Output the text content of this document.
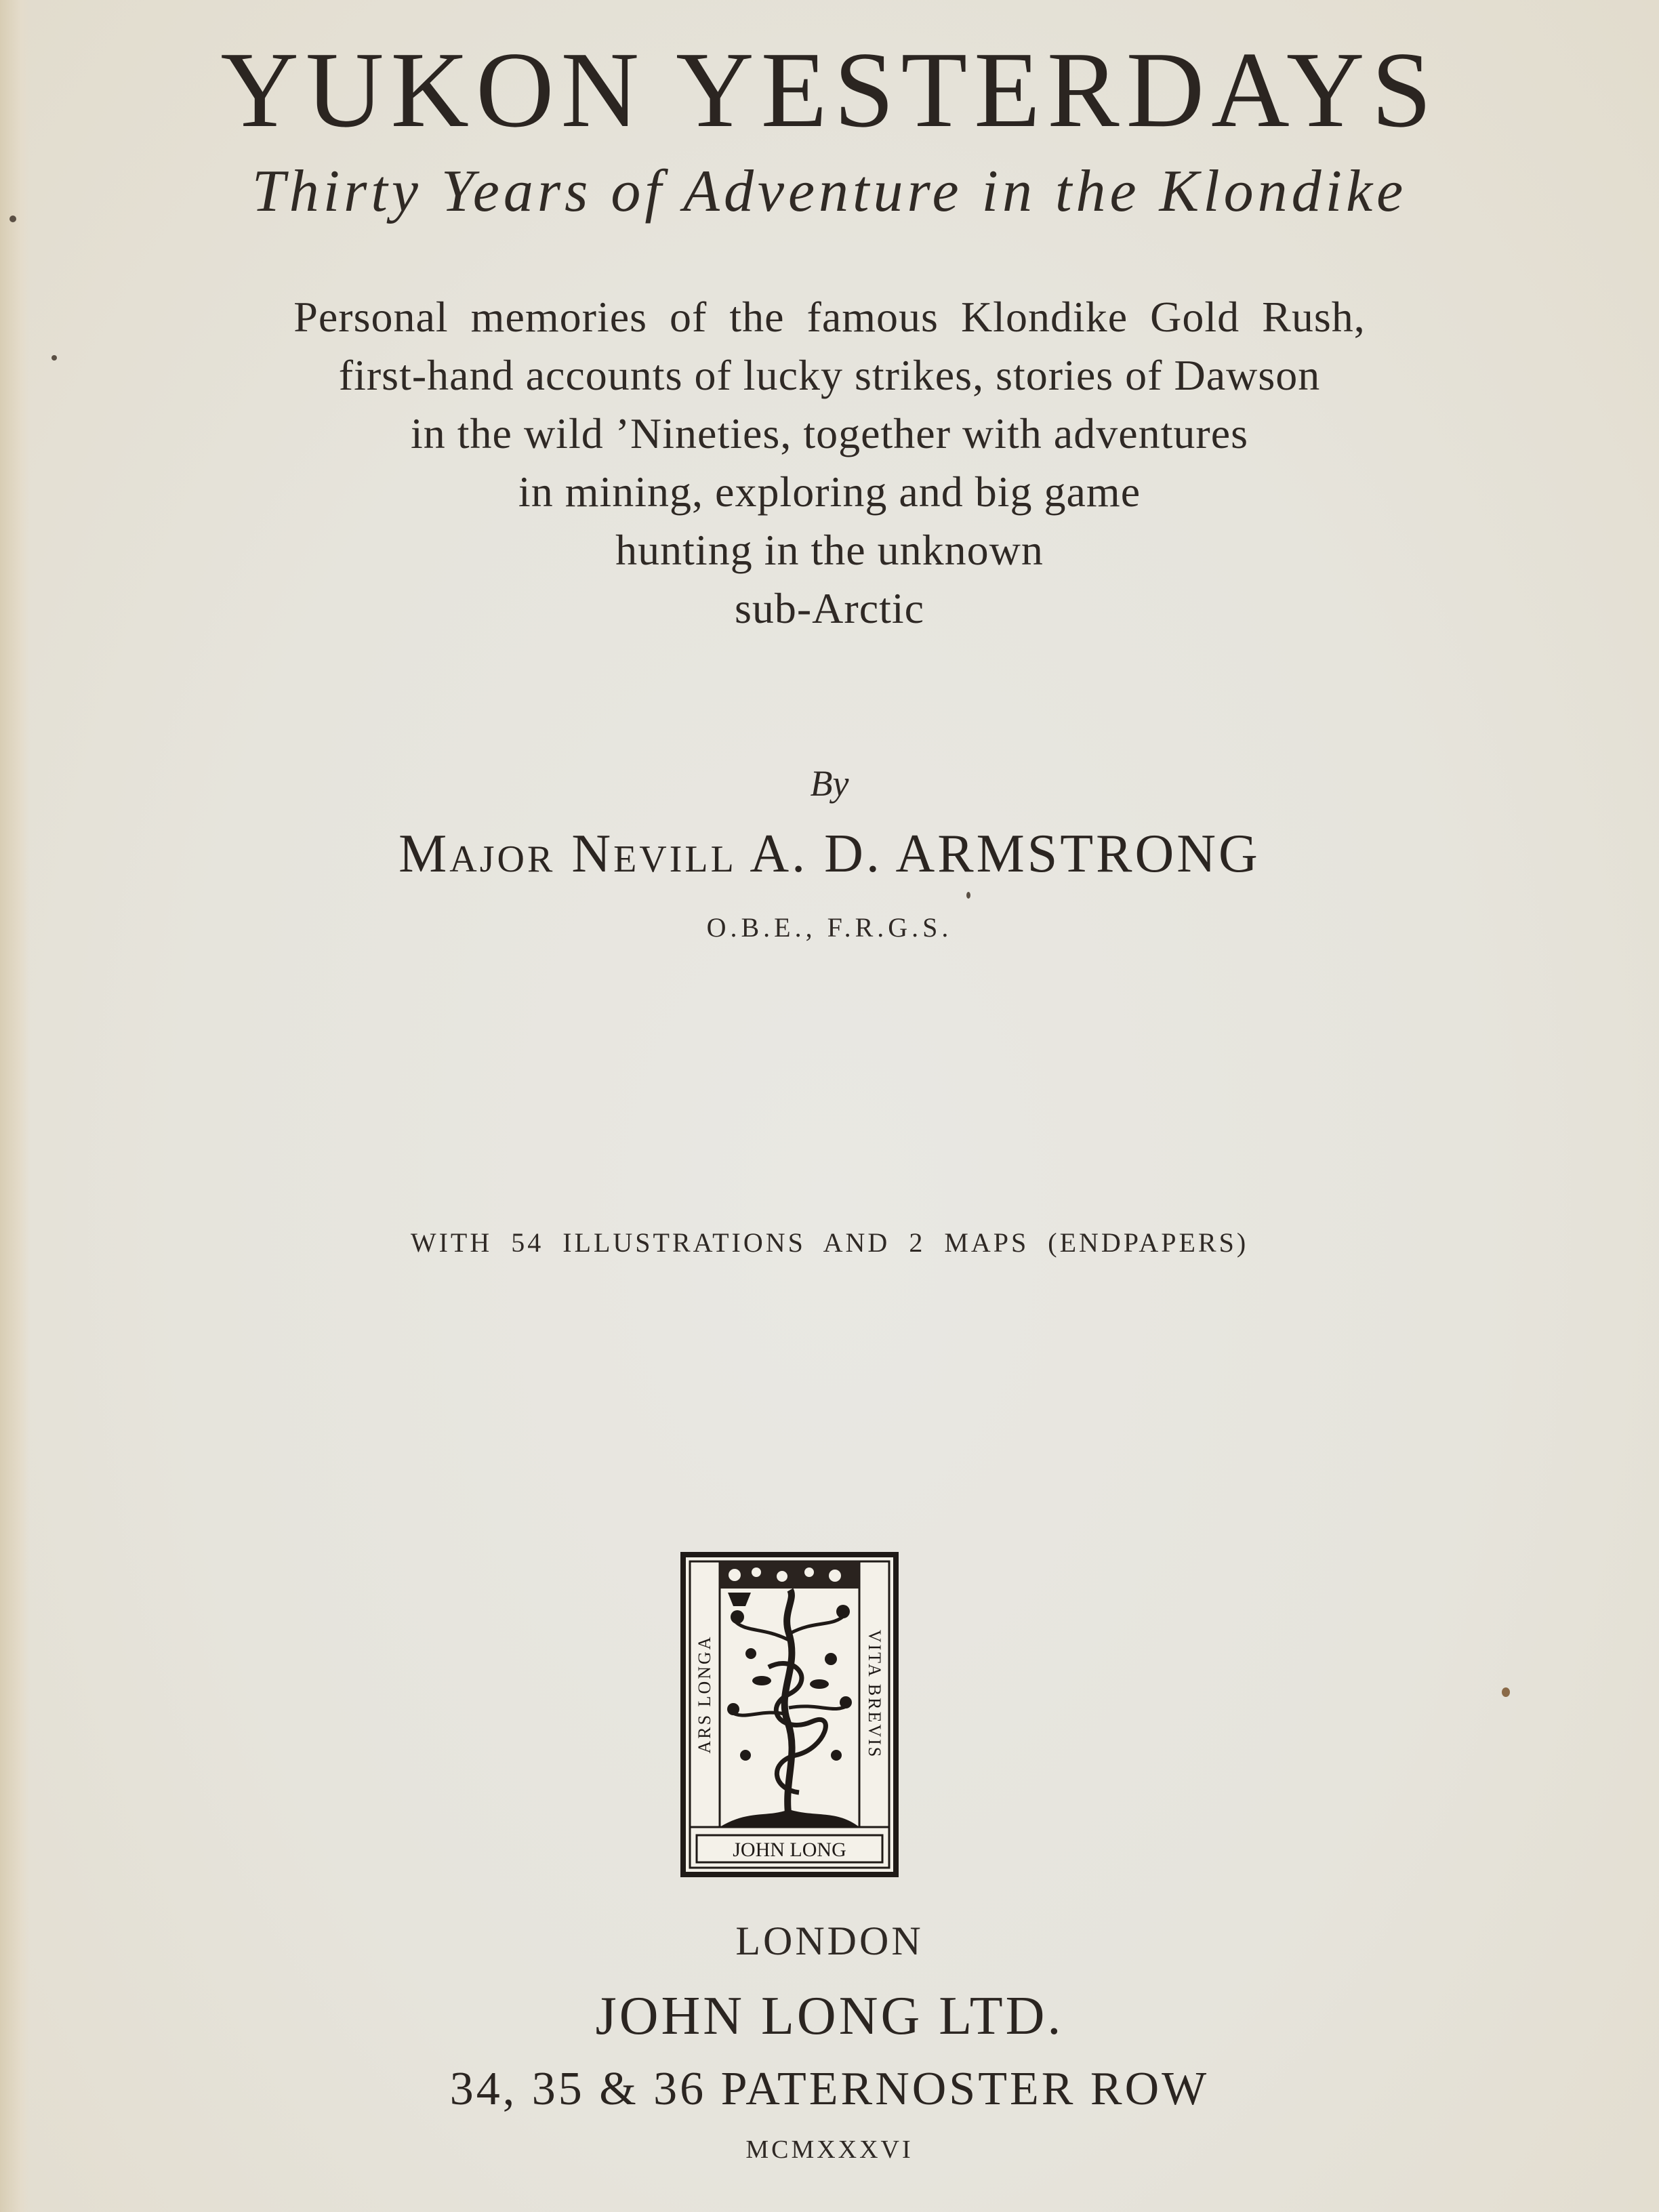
YUKON YESTERDAYS
Thirty Years of Adventure in the Klondike
Personal memories of the famous Klondike Gold Rush,
first-hand accounts of lucky strikes, stories of Dawson
in the wild ’Nineties, together with adventures
in mining, exploring and big game
hunting in the unknown
sub-Arctic
By
Major Nevill A. D. ARMSTRONG
O.B.E., F.R.G.S.
WITH 54 ILLUSTRATIONS AND 2 MAPS (ENDPAPERS)
JOHN LONG
ARS LONGA	VITA BREVIS
LONDON
JOHN LONG LTD.
34, 35 & 36 PATERNOSTER ROW
MCMXXXVI
